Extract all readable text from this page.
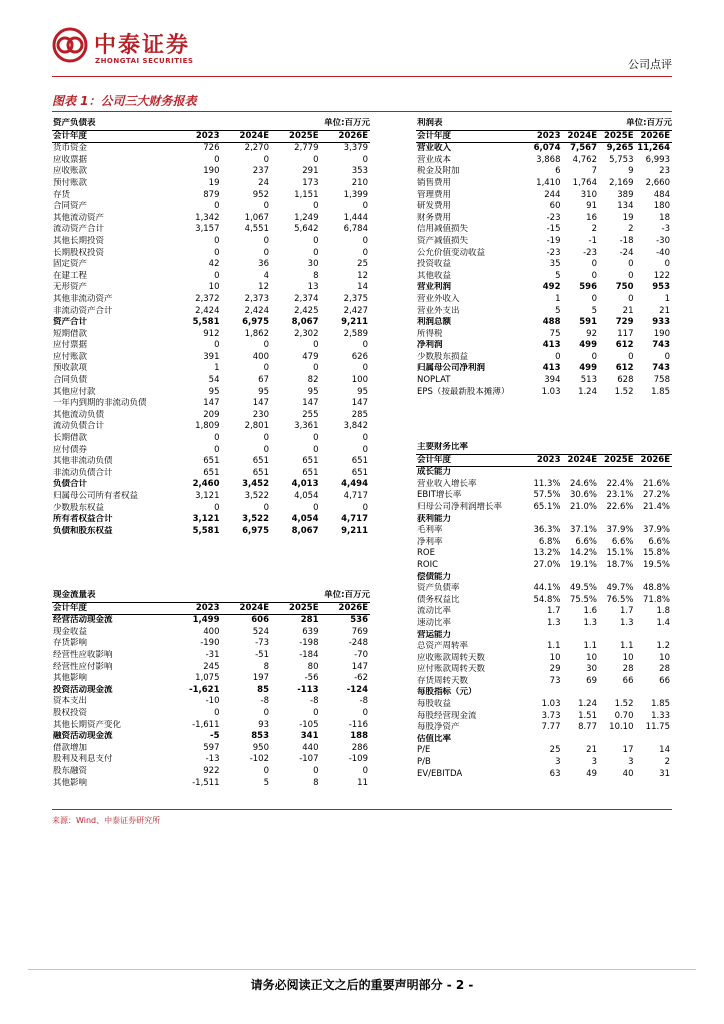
中泰证券
ZHONGTAI SECURITIES	公司点评
图表 1：公司三大财务报表
资产负债表		单位:百万元		
会计年度	2023	2024E	2025E	2026E
货币资金	726	2,270	2,779	3,379
应收票据	0	0	0	0
应收账款	190	237	291	353
预付账款	19	24	173	210
存货	879	952	1,151	1,399
合同资产	0	0	0	0
其他流动资产	1,342	1,067	1,249	1,444
流动资产合计	3,157	4,551	5,642	6,784
其他长期投资	0	0	0	0
长期股权投资	0	0	0	0
固定资产	42	36	30	25
在建工程	0	4	8	12
无形资产	10	12	13	14
其他非流动资产	2,372	2,373	2,374	2,375
非流动资产合计	2,424	2,424	2,425	2,427
资产合计	5,581	6,975	8,067	9,211
短期借款	912	1,862	2,302	2,589
应付票据	0	0	0	0
应付账款	391	400	479	626
预收款项	1	0	0	0
合同负债	54	67	82	100
其他应付款	95	95	95	95
一年内到期的非流动负债	147	147	147	147
其他流动负债	209	230	255	285
流动负债合计	1,809	2,801	3,361	3,842
长期借款	0	0	0	0
应付债券	0	0	0	0
其他非流动负债	651	651	651	651
非流动负债合计	651	651	651	651
负债合计	2,460	3,452	4,013	4,494
归属母公司所有者权益	3,121	3,522	4,054	4,717
少数股东权益	0	0	0	0
所有者权益合计	3,121	3,522	4,054	4,717
负债和股东权益	5,581	6,975	8,067	9,211
现金流量表		单位:百万元		
会计年度	2023	2024E	2025E	2026E
经营活动现金流	1,499	606	281	536
现金收益	400	524	639	769
存货影响	-190	-73	-198	-248
经营性应收影响	-31	-51	-184	-70
经营性应付影响	245	8	80	147
其他影响	1,075	197	-56	-62
投资活动现金流	-1,621	85	-113	-124
资本支出	-10	-8	-8	-8
股权投资	0	0	0	0
其他长期资产变化	-1,611	93	-105	-116
融资活动现金流	-5	853	341	188
借款增加	597	950	440	286
股利及利息支付	-13	-102	-107	-109
股东融资	922	0	0	0
其他影响	-1,511	5	8	11
利润表		单位:百万元		
会计年度	2023	2024E	2025E	2026E
营业收入	6,074	7,567	9,265	11,264
营业成本	3,868	4,762	5,753	6,993
税金及附加	6	7	9	23
销售费用	1,410	1,764	2,169	2,660
管理费用	244	310	389	484
研发费用	60	91	134	180
财务费用	-23	16	19	18
信用减值损失	-15	2	2	-3
资产减值损失	-19	-1	-18	-30
公允价值变动收益	-23	-23	-24	-40
投资收益	35	0	0	0
其他收益	5	0	0	122
营业利润	492	596	750	953
营业外收入	1	0	0	1
营业外支出	5	5	21	21
利润总额	488	591	729	933
所得税	75	92	117	190
净利润	413	499	612	743
少数股东损益	0	0	0	0
归属母公司净利润	413	499	612	743
NOPLAT	394	513	628	758
EPS（按最新股本摊薄）	1.03	1.24	1.52	1.85
主要财务比率				
会计年度	2023	2024E	2025E	2026E
成长能力				
营业收入增长率	11.3%	24.6%	22.4%	21.6%
EBIT增长率	57.5%	30.6%	23.1%	27.2%
归母公司净利润增长率	65.1%	21.0%	22.6%	21.4%
获利能力				
毛利率	36.3%	37.1%	37.9%	37.9%
净利率	6.8%	6.6%	6.6%	6.6%
ROE	13.2%	14.2%	15.1%	15.8%
ROIC	27.0%	19.1%	18.7%	19.5%
偿债能力				
资产负债率	44.1%	49.5%	49.7%	48.8%
债务权益比	54.8%	75.5%	76.5%	71.8%
流动比率	1.7	1.6	1.7	1.8
速动比率	1.3	1.3	1.3	1.4
营运能力				
总资产周转率	1.1	1.1	1.1	1.2
应收账款周转天数	10	10	10	10
应付账款周转天数	29	30	28	28
存货周转天数	73	69	66	66
每股指标（元）				
每股收益	1.03	1.24	1.52	1.85
每股经营现金流	3.73	1.51	0.70	1.33
每股净资产	7.77	8.77	10.10	11.75
估值比率				
P/E	25	21	17	14
P/B	3	3	3	2
EV/EBITDA	63	49	40	31
来源：Wind、中泰证券研究所
请务必阅读正文之后的重要声明部分 - 2 -
